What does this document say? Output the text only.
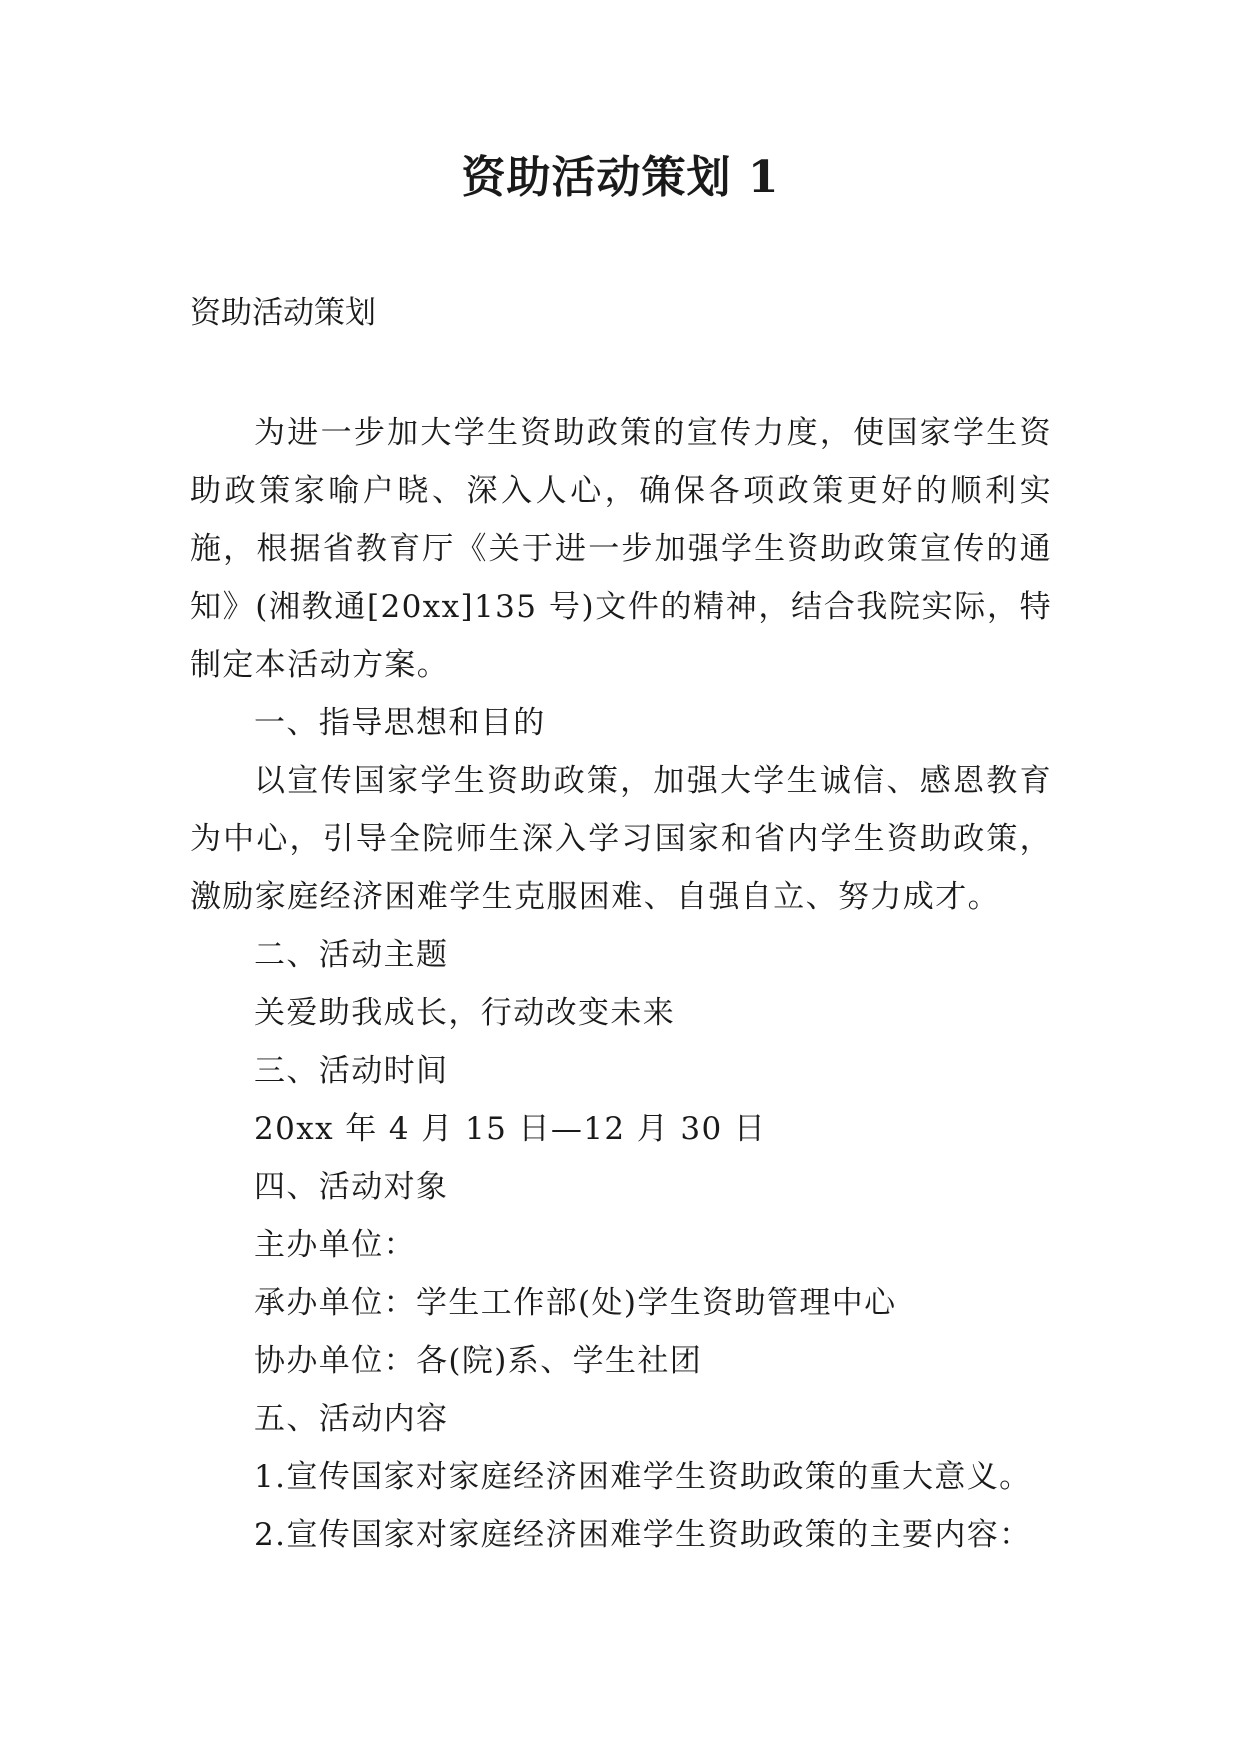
资助活动策划 1
资助活动策划

为进一步加大学生资助政策的宣传力度，使国家学生资助政策家喻户晓、深入人心，确保各项政策更好的顺利实施，根据省教育厅《关于进一步加强学生资助政策宣传的通知》(湘教通[20xx]135 号)文件的精神，结合我院实际，特制定本活动方案。

一、指导思想和目的

以宣传国家学生资助政策，加强大学生诚信、感恩教育为中心，引导全院师生深入学习国家和省内学生资助政策，激励家庭经济困难学生克服困难、自强自立、努力成才。

二、活动主题

关爱助我成长，行动改变未来

三、活动时间

20xx 年 4 月 15 日—12 月 30 日

四、活动对象

主办单位：

承办单位：学生工作部(处)学生资助管理中心

协办单位：各(院)系、学生社团

五、活动内容

1.宣传国家对家庭经济困难学生资助政策的重大意义。

2.宣传国家对家庭经济困难学生资助政策的主要内容：
